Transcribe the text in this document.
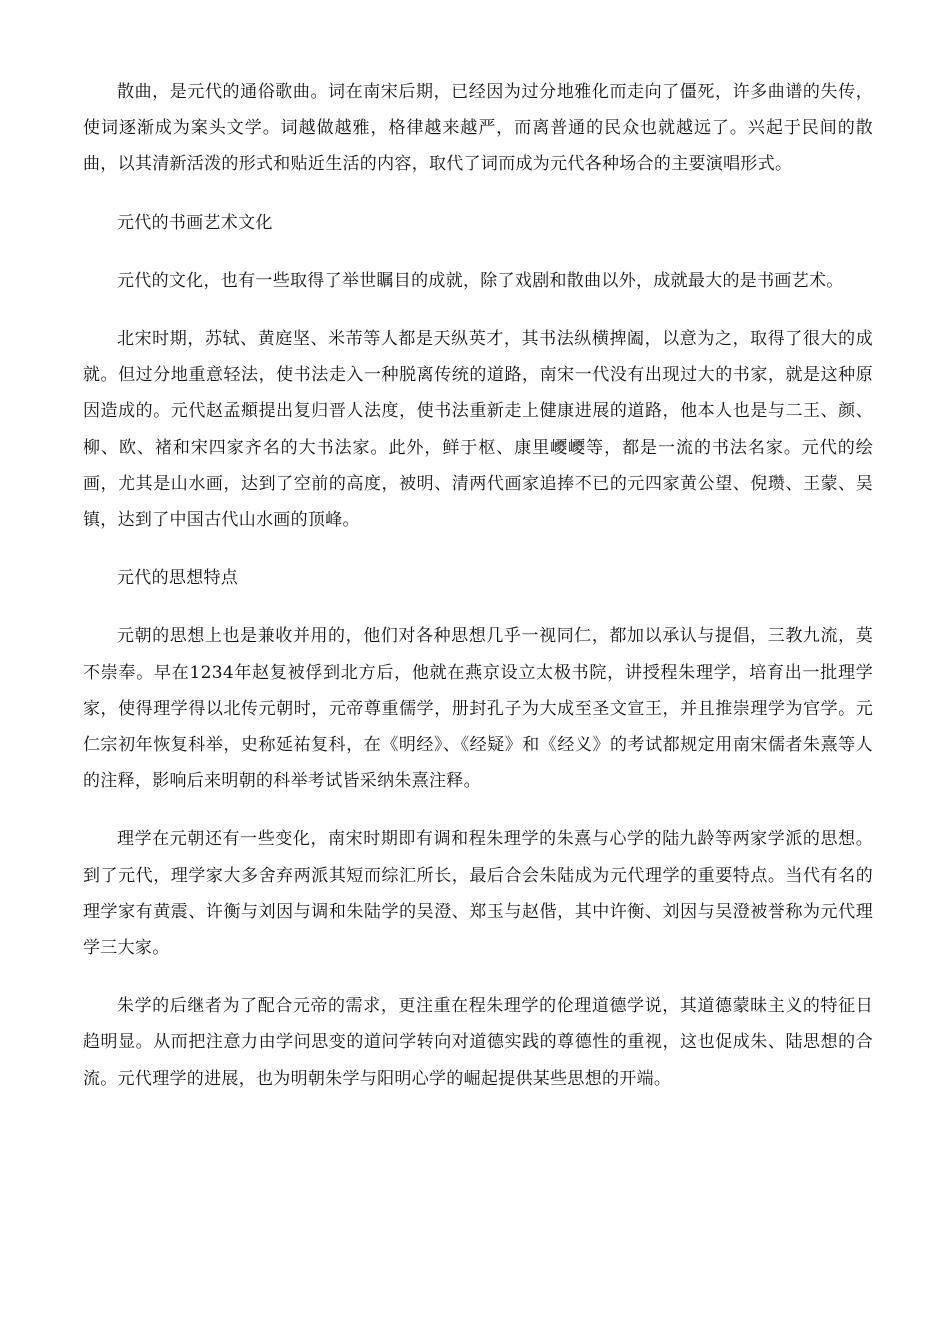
散曲，是元代的通俗歌曲。词在南宋后期，已经因为过分地雅化而走向了僵死，许多曲谱的失传，使词逐渐成为案头文学。词越做越雅，格律越来越严，而离普通的民众也就越远了。兴起于民间的散曲，以其清新活泼的形式和贴近生活的内容，取代了词而成为元代各种场合的主要演唱形式。

元代的书画艺术文化

元代的文化，也有一些取得了举世瞩目的成就，除了戏剧和散曲以外，成就最大的是书画艺术。

北宋时期，苏轼、黄庭坚、米芾等人都是天纵英才，其书法纵横捭阖，以意为之，取得了很大的成就。但过分地重意轻法，使书法走入一种脱离传统的道路，南宋一代没有出现过大的书家，就是这种原因造成的。元代赵孟頫提出复归晋人法度，使书法重新走上健康进展的道路，他本人也是与二王、颜、柳、欧、褚和宋四家齐名的大书法家。此外，鲜于枢、康里巎巎等，都是一流的书法名家。元代的绘画，尤其是山水画，达到了空前的高度，被明、清两代画家追捧不已的元四家黄公望、倪瓒、王蒙、吴镇，达到了中国古代山水画的顶峰。

元代的思想特点

元朝的思想上也是兼收并用的，他们对各种思想几乎一视同仁，都加以承认与提倡，三教九流，莫不崇奉。早在1234年赵复被俘到北方后，他就在燕京设立太极书院，讲授程朱理学，培育出一批理学家，使得理学得以北传元朝时，元帝尊重儒学，册封孔子为大成至圣文宣王，并且推崇理学为官学。元仁宗初年恢复科举，史称延祐复科，在《明经》、《经疑》和《经义》的考试都规定用南宋儒者朱熹等人的注释，影响后来明朝的科举考试皆采纳朱熹注释。

理学在元朝还有一些变化，南宋时期即有调和程朱理学的朱熹与心学的陆九龄等两家学派的思想。到了元代，理学家大多舍弃两派其短而综汇所长，最后合会朱陆成为元代理学的重要特点。当代有名的理学家有黄震、许衡与刘因与调和朱陆学的吴澄、郑玉与赵偕，其中许衡、刘因与吴澄被誉称为元代理学三大家。

朱学的后继者为了配合元帝的需求，更注重在程朱理学的伦理道德学说，其道德蒙昧主义的特征日趋明显。从而把注意力由学问思变的道问学转向对道德实践的尊德性的重视，这也促成朱、陆思想的合流。元代理学的进展，也为明朝朱学与阳明心学的崛起提供某些思想的开端。
